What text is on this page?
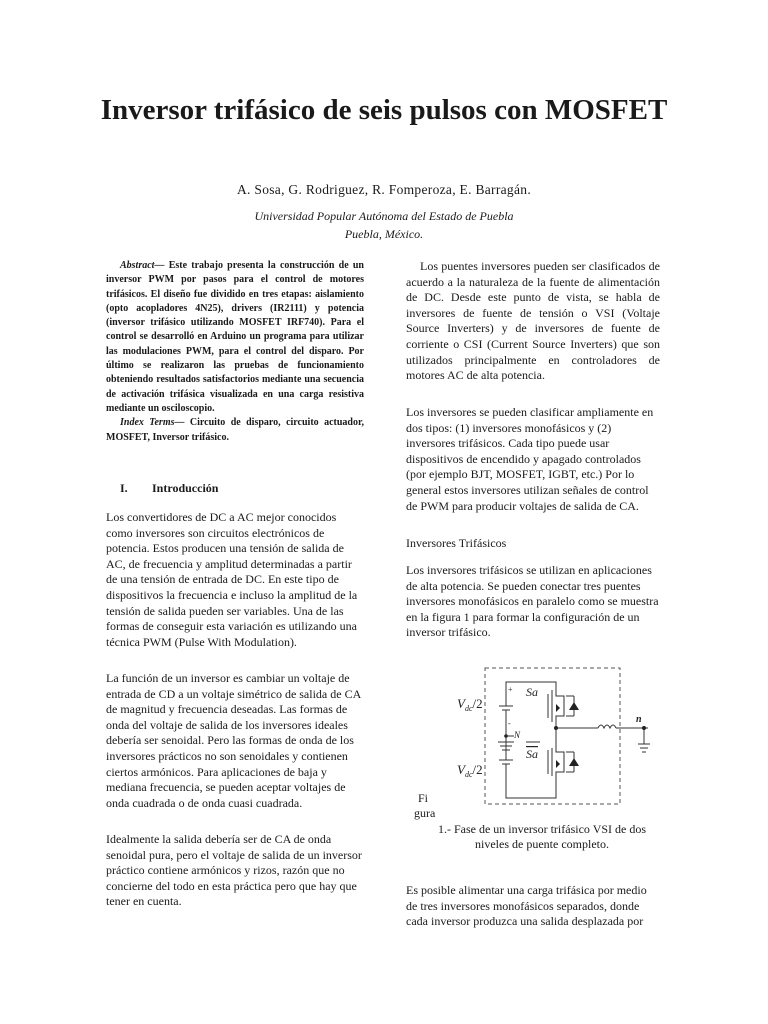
Inversor trifásico de seis pulsos con MOSFET
A. Sosa, G. Rodriguez, R. Fomperoza, E. Barragán.
Universidad Popular Autónoma del Estado de Puebla
Puebla, México.

Abstract— Este trabajo presenta la construcción de un inversor PWM por pasos para el control de motores trifásicos. El diseño fue dividido en tres etapas: aislamiento (opto acopladores 4N25), drivers (IR2111) y potencia (inversor trifásico utilizando MOSFET IRF740). Para el control se desarrolló en Arduino un programa para utilizar las modulaciones PWM, para el control del disparo. Por último se realizaron las pruebas de funcionamiento obteniendo resultados satisfactorios mediante una secuencia de activación trifásica visualizada en una carga resistiva mediante un osciloscopio.

Index Terms— Circuito de disparo, circuito actuador, MOSFET, Inversor trifásico.

I. Introducción

Los convertidores de DC a AC mejor conocidos como inversores son circuitos electrónicos de potencia. Estos producen una tensión de salida de AC, de frecuencia y amplitud determinadas a partir de una tensión de entrada de DC. En este tipo de dispositivos la frecuencia e incluso la amplitud de la tensión de salida pueden ser variables. Una de las formas de conseguir esta variación es utilizando una técnica PWM (Pulse With Modulation).

La función de un inversor es cambiar un voltaje de entrada de CD a un voltaje simétrico de salida de CA de magnitud y frecuencia deseadas. Las formas de onda del voltaje de salida de los inversores ideales debería ser senoidal. Pero las formas de onda de los inversores prácticos no son senoidales y contienen ciertos armónicos. Para aplicaciones de baja y mediana frecuencia, se pueden aceptar voltajes de onda cuadrada o de onda cuasi cuadrada.

Idealmente la salida debería ser de CA de onda senoidal pura, pero el voltaje de salida de un inversor práctico contiene armónicos y rizos, razón que no concierne del todo en esta práctica pero que hay que tener en cuenta.

Los puentes inversores pueden ser clasificados de acuerdo a la naturaleza de la fuente de alimentación de DC. Desde este punto de vista, se habla de inversores de fuente de tensión o VSI (Voltaje Source Inverters) y de inversores de fuente de corriente o CSI (Current Source Inverters) que son utilizados principalmente en controladores de motores AC de alta potencia.

Los inversores se pueden clasificar ampliamente en dos tipos: (1) inversores monofásicos y (2) inversores trifásicos. Cada tipo puede usar dispositivos de encendido y apagado controlados (por ejemplo BJT, MOSFET, IGBT, etc.) Por lo general estos inversores utilizan señales de control de PWM para producir voltajes de salida de CA.

Inversores Trifásicos

Los inversores trifásicos se utilizan en aplicaciones de alta potencia. Se pueden conectar tres puentes inversores monofásicos en paralelo como se muestra en la figura 1 para formar la configuración de un inversor trifásico.

$V_{dc}/2$
$V_{dc}/2$
Sa
Sa
N
n
+
-
Fi
gura
1.- Fase de un inversor trifásico VSI de dos
niveles de puente completo.

Es posible alimentar una carga trifásica por medio de tres inversores monofásicos separados, donde cada inversor produzca una salida desplazada por
